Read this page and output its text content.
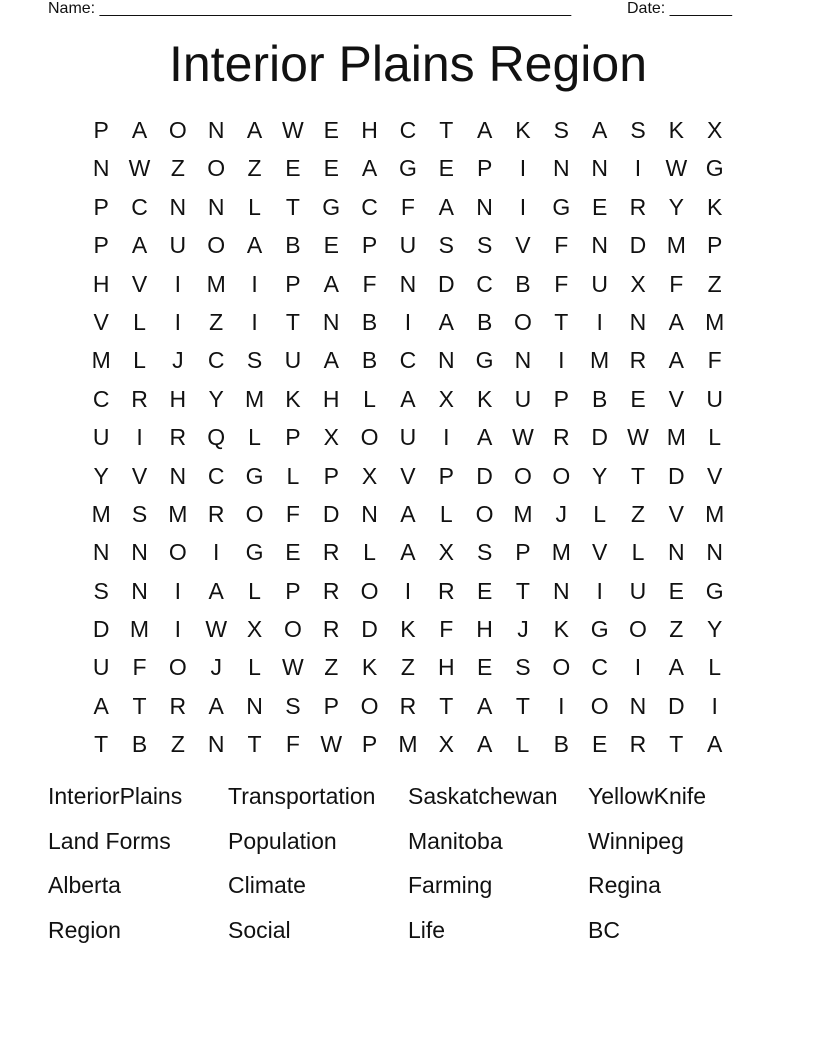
Name: _____________________________________________________	Date: _______
Interior Plains Region
P	A O N A W E H C	T	A	K	S	A	S	K	X
N W Z O Z	E	E	A G E	P	I	N N	I	W G
P C N N	L	T G C	F	A N	I	G E R Y	K
P	A U O A	B	E	P U S	S	V	F	N D M P
H V	I	M	I	P	A	F	N D C B	F	U X	F	Z
V	L	I	Z	I	T	N B	I	A	B O T	I	N A M
M L	J	C S U A	B C N G N	I	M R A	F
C R H Y M K H	L	A	X	K U P	B	E	V U
U	I	R Q	L	P	X O U	I	A W R D W M L
Y	V N C G	L	P	X	V	P D O O Y	T	D V
M S M R O F	D N A	L	O M	J	L	Z	V M
N N O	I	G E R	L	A	X	S	P M V	L	N N
S N	I	A	L	P R O	I	R E	T	N	I	U E G
D M	I	W X O R D K	F	H	J	K G O Z	Y
U	F O	J	L W Z	K	Z	H E	S O C	I	A	L
A	T	R A N S	P O R	T	A	T	I	O N D	I
T	B	Z	N	T	F W P M X	A	L	B	E R	T	A
InteriorPlains	Transportation	Saskatchewan	YellowKnife
Land Forms	Population	Manitoba	Winnipeg
Alberta	Climate	Farming	Regina
Region	Social	Life	BC
